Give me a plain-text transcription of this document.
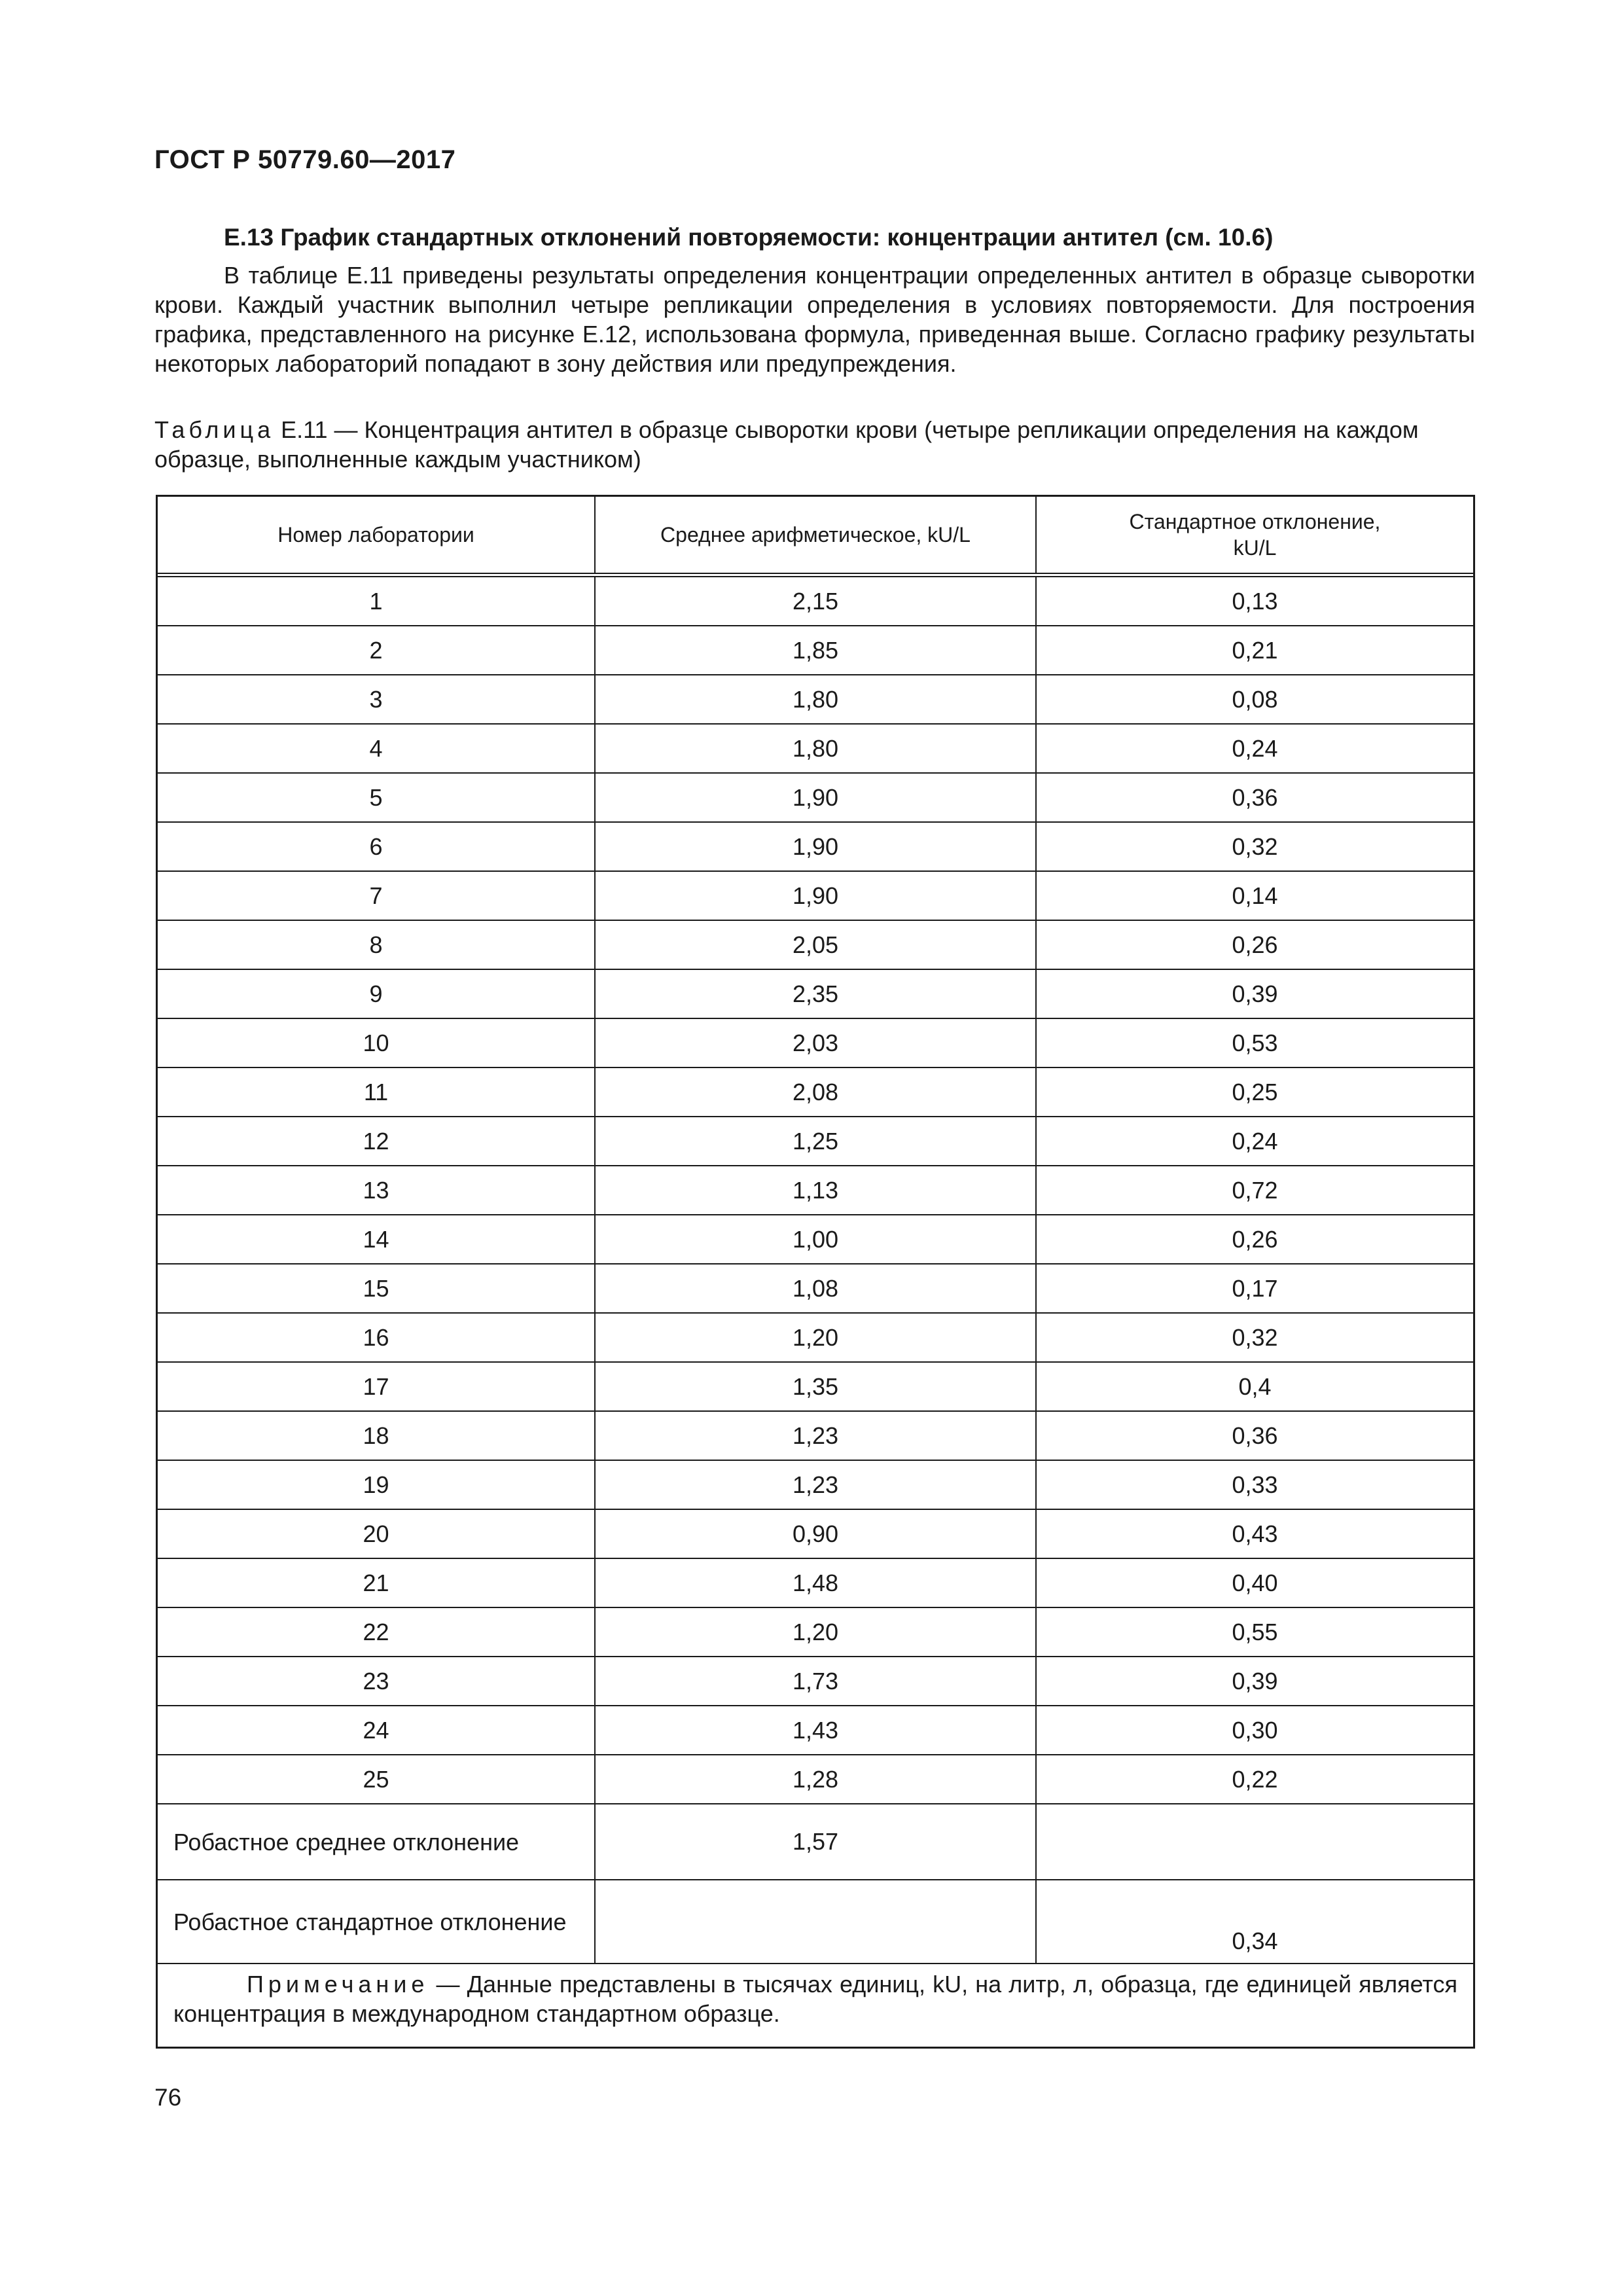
ГОСТ Р 50779.60—2017
Е.13 График стандартных отклонений повторяемости: концентрации антител (см. 10.6)
В таблице Е.11 приведены результаты определения концентрации определенных антител в образце сыворотки крови. Каждый участник выполнил четыре репликации определения в условиях повторяемости. Для построения графика, представленного на рисунке Е.12, использована формула, приведенная выше. Согласно графику результаты некоторых лабораторий попадают в зону действия или предупреждения.
Таблица Е.11 — Концентрация антител в образце сыворотки крови (четыре репликации определения на каждом образце, выполненные каждым участником)
Номер лаборатории	Среднее арифметическое, kU/L	Стандартное отклонение, kU/L
1	2,15	0,13
2	1,85	0,21
3	1,80	0,08
4	1,80	0,24
5	1,90	0,36
6	1,90	0,32
7	1,90	0,14
8	2,05	0,26
9	2,35	0,39
10	2,03	0,53
11	2,08	0,25
12	1,25	0,24
13	1,13	0,72
14	1,00	0,26
15	1,08	0,17
16	1,20	0,32
17	1,35	0,4
18	1,23	0,36
19	1,23	0,33
20	0,90	0,43
21	1,48	0,40
22	1,20	0,55
23	1,73	0,39
24	1,43	0,30
25	1,28	0,22
Робастное среднее отклонение	1,57	
Робастное стандартное отклонение		0,34
Примечание — Данные представлены в тысячах единиц, kU, на литр, л, образца, где единицей является концентрация в международном стандартном образце.
76
